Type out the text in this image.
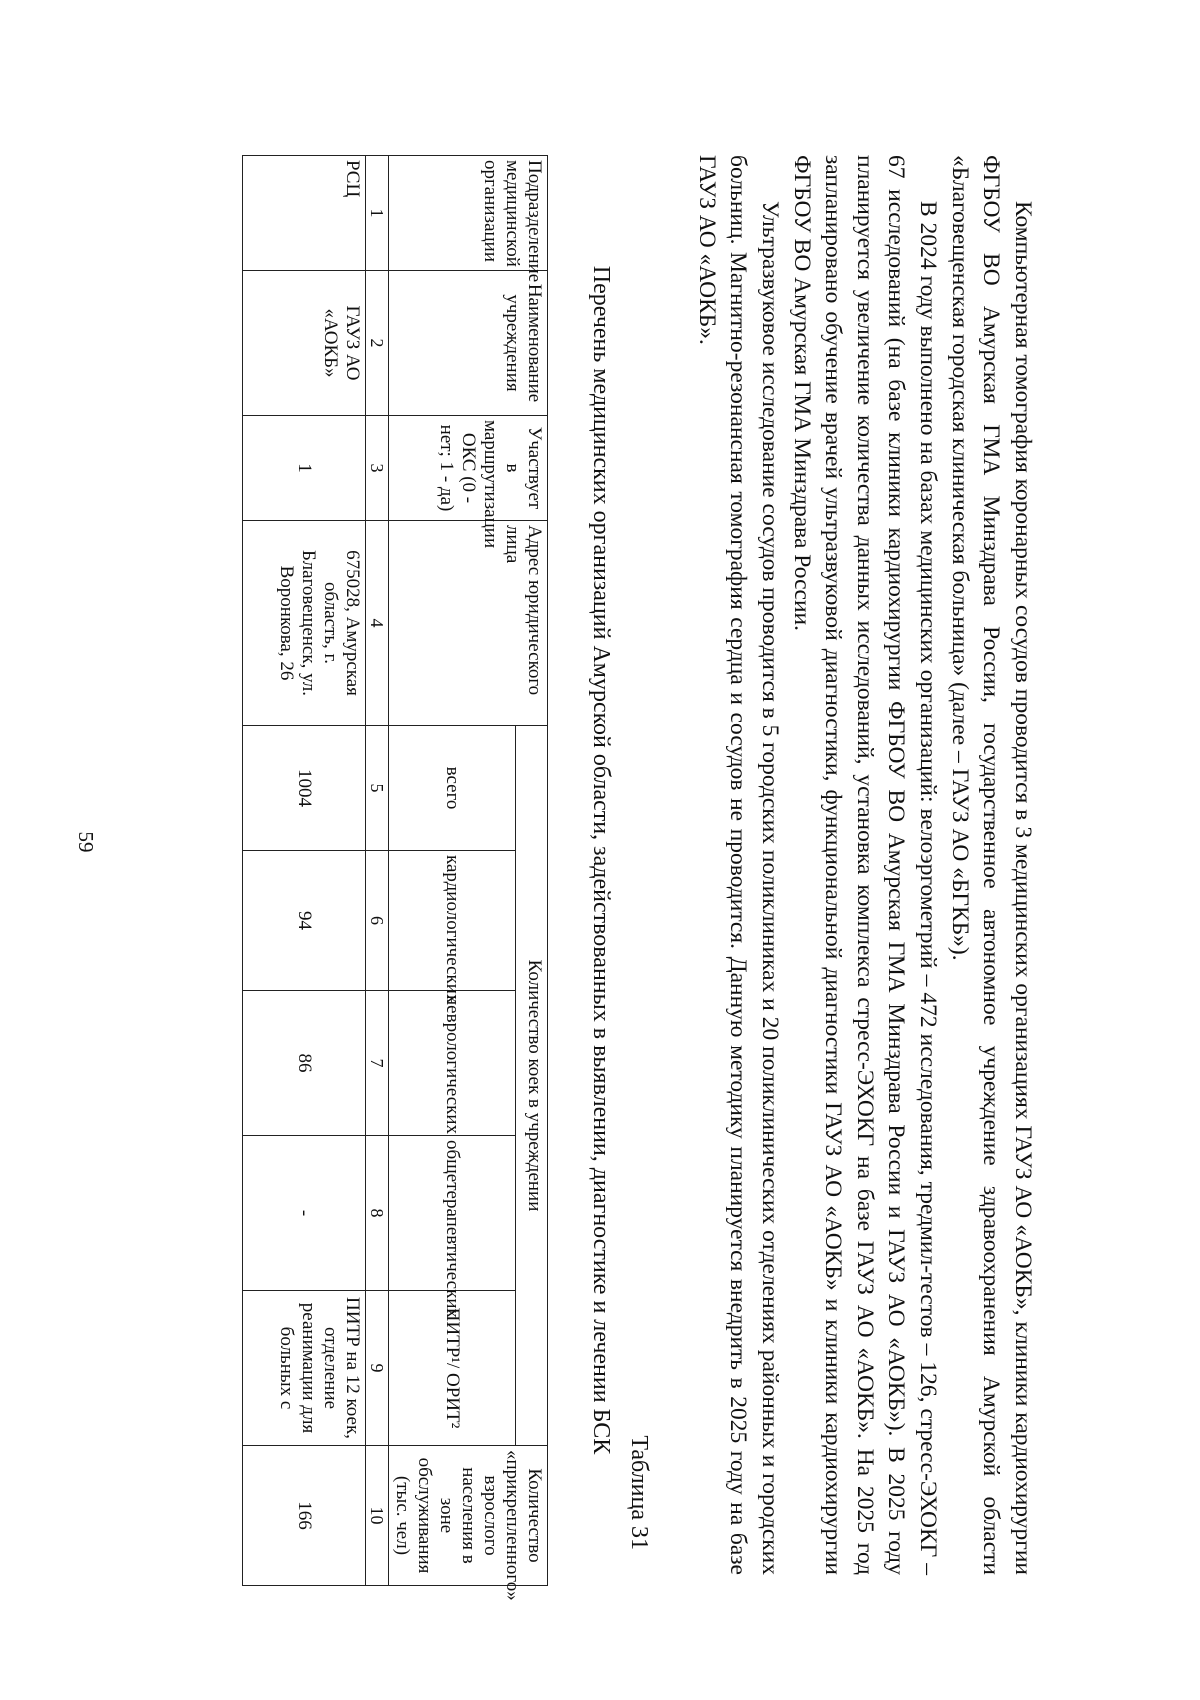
59	Компьютерная томография коронарных сосудов проводится в 3 медицинских организациях ГАУЗ АО «АОКБ», клиники кардиохирургии ФГБОУ ВО Амурская ГМА Минздрава России, государственное автономное учреждение здравоохранения Амурской области «Благовещенская городская клиническая больница» (далее – ГАУЗ АО «БГКБ»).

В 2024 году выполнено на базах медицинских организаций: велоэргометрий – 472 исследования, тредмил-тестов – 126, стресс-ЭХОКГ – 67 исследований (на базе клиники кардиохирургии ФГБОУ ВО Амурская ГМА Минздрава России и ГАУЗ АО «АОКБ»). В 2025 году планируется увеличение количества данных исследований, установка комплекса стресс-ЭХОКГ на базе ГАУЗ АО «АОКБ». На 2025 год запланировано обучение врачей ультразвуковой диагностики, функциональной диагностики ГАУЗ АО «АОКБ» и клиники кардиохирургии ФГБОУ ВО Амурская ГМА Минздрава России.

Ультразвуковое исследование сосудов проводится в 5 городских поликлиниках и 20 поликлинических отделениях районных и городских больниц. Магнитно-резонансная томография сердца и сосудов не проводится. Данную методику планируется внедрить в 2025 году на базе ГАУЗ АО «АОКБ».

Таблица 31
Перечень медицинских организаций Амурской области, задействованных в выявлении, диагностике и лечении БСК
Подразделение медицинской организации	Наименование учреждения	Участвует в маршрутизации ОКС (0 - нет; 1 - да)	Адрес юридического лица	Количество коек в учреждении					Количество «прикрепленного» взрослого населения в зоне обслуживания (тыс. чел)
				всего	кардиологических	неврологических	общетерапевтических	ПИТР¹/ ОРИТ²	
1	2	3	4	5	6	7	8	9	10
РСЦ	ГАУЗ АО «АОКБ»	1	675028, Амурская область, г. Благовещенск, ул. Воронкова, 26	1004	94	86	-	ПИТР на 12 коек, отделение реанимации для больных с	166
